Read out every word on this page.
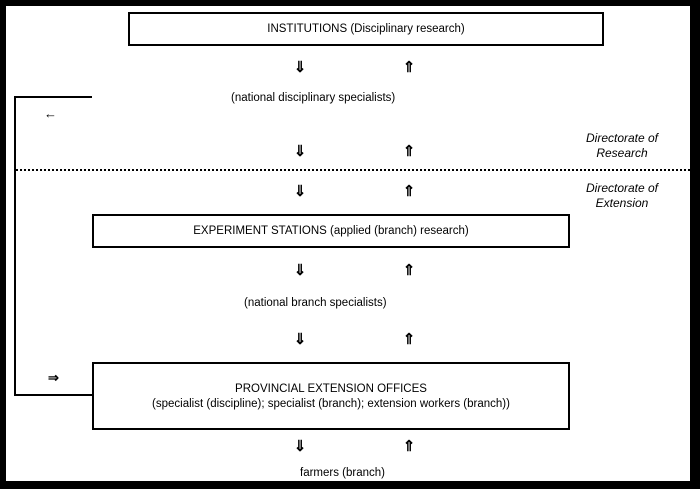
INSTITUTIONS (Disciplinary research)
⇓	⇑
(national disciplinary specialists)
⇓	⇑
Directorate of
Research
⇓	⇑	Directorate of
Extension
EXPERIMENT STATIONS (applied (branch) research)
⇓	⇑
(national branch specialists)
⇓	⇑
PROVINCIAL EXTENSION OFFICES
(specialist (discipline); specialist (branch); extension workers (branch))
⇓	⇑
farmers (branch)
←
⇒
